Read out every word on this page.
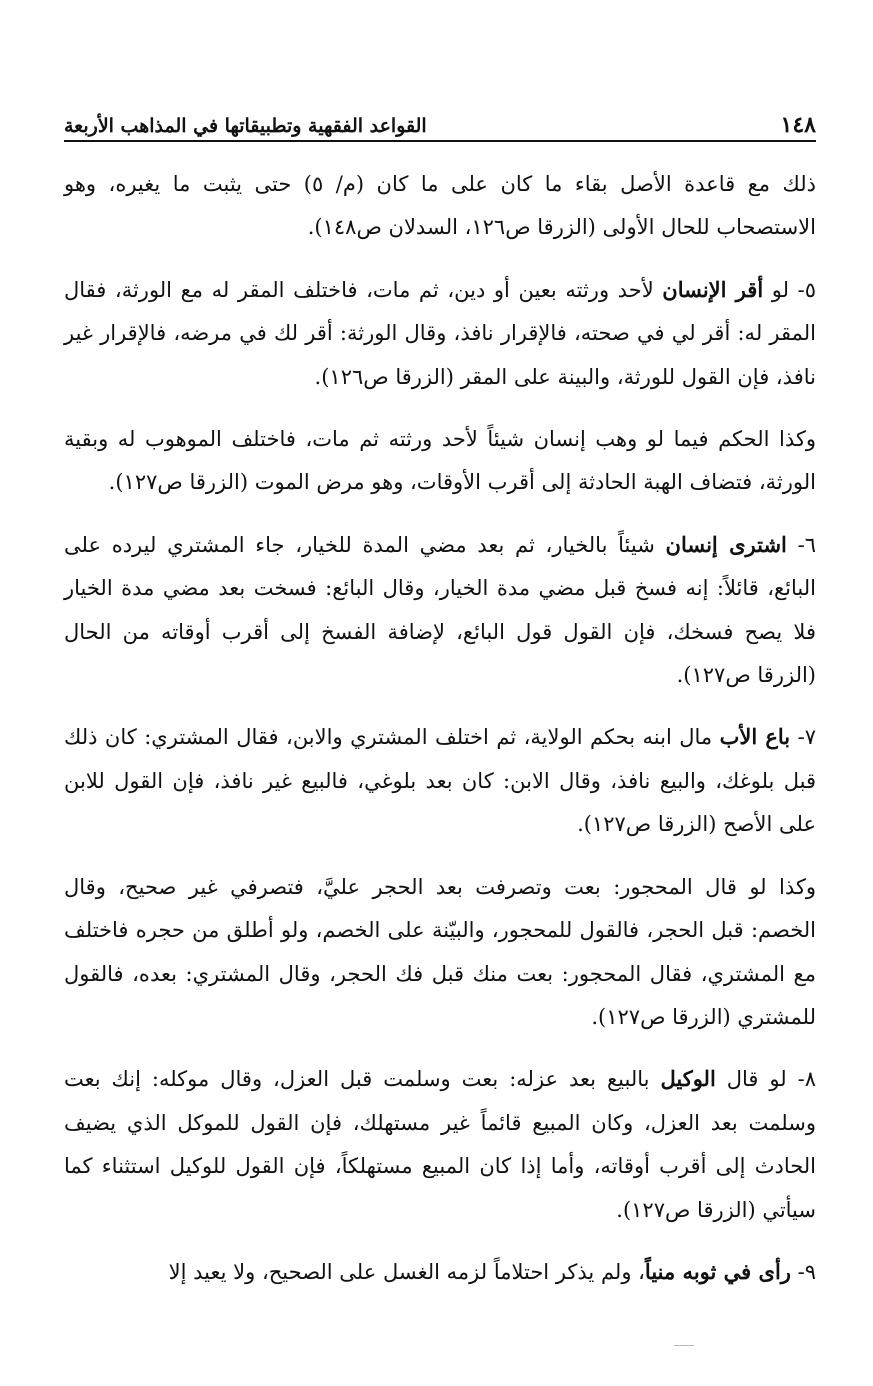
١٤٨
القواعد الفقهية وتطبيقاتها في المذاهب الأربعة

ذلك مع قاعدة الأصل بقاء ما كان على ما كان (م/ ٥) حتى يثبت ما يغيره، وهو الاستصحاب للحال الأولى (الزرقا ص١٢٦، السدلان ص١٤٨).

٥- لو أقر الإنسان لأحد ورثته بعين أو دين، ثم مات، فاختلف المقر له مع الورثة، فقال المقر له: أقر لي في صحته، فالإقرار نافذ، وقال الورثة: أقر لك في مرضه، فالإقرار غير نافذ، فإن القول للورثة، والبينة على المقر (الزرقا ص١٢٦).

وكذا الحكم فيما لو وهب إنسان شيئاً لأحد ورثته ثم مات، فاختلف الموهوب له وبقية الورثة، فتضاف الهبة الحادثة إلى أقرب الأوقات، وهو مرض الموت (الزرقا ص١٢٧).

٦- اشترى إنسان شيئاً بالخيار، ثم بعد مضي المدة للخيار، جاء المشتري ليرده على البائع، قائلاً: إنه فسخ قبل مضي مدة الخيار، وقال البائع: فسخت بعد مضي مدة الخيار فلا يصح فسخك، فإن القول قول البائع، لإضافة الفسخ إلى أقرب أوقاته من الحال (الزرقا ص١٢٧).

٧- باع الأب مال ابنه بحكم الولاية، ثم اختلف المشتري والابن، فقال المشتري: كان ذلك قبل بلوغك، والبيع نافذ، وقال الابن: كان بعد بلوغي، فالبيع غير نافذ، فإن القول للابن على الأصح (الزرقا ص١٢٧).

وكذا لو قال المحجور: بعت وتصرفت بعد الحجر عليَّ، فتصرفي غير صحيح، وقال الخصم: قبل الحجر، فالقول للمحجور، والبيّنة على الخصم، ولو أطلق من حجره فاختلف مع المشتري، فقال المحجور: بعت منك قبل فك الحجر، وقال المشتري: بعده، فالقول للمشتري (الزرقا ص١٢٧).

٨- لو قال الوكيل بالبيع بعد عزله: بعت وسلمت قبل العزل، وقال موكله: إنك بعت وسلمت بعد العزل، وكان المبيع قائماً غير مستهلك، فإن القول للموكل الذي يضيف الحادث إلى أقرب أوقاته، وأما إذا كان المبيع مستهلكاً، فإن القول للوكيل استثناء كما سيأتي (الزرقا ص١٢٧).

٩- رأى في ثوبه منياً، ولم يذكر احتلاماً لزمه الغسل على الصحيح، ولا يعيد إلا
